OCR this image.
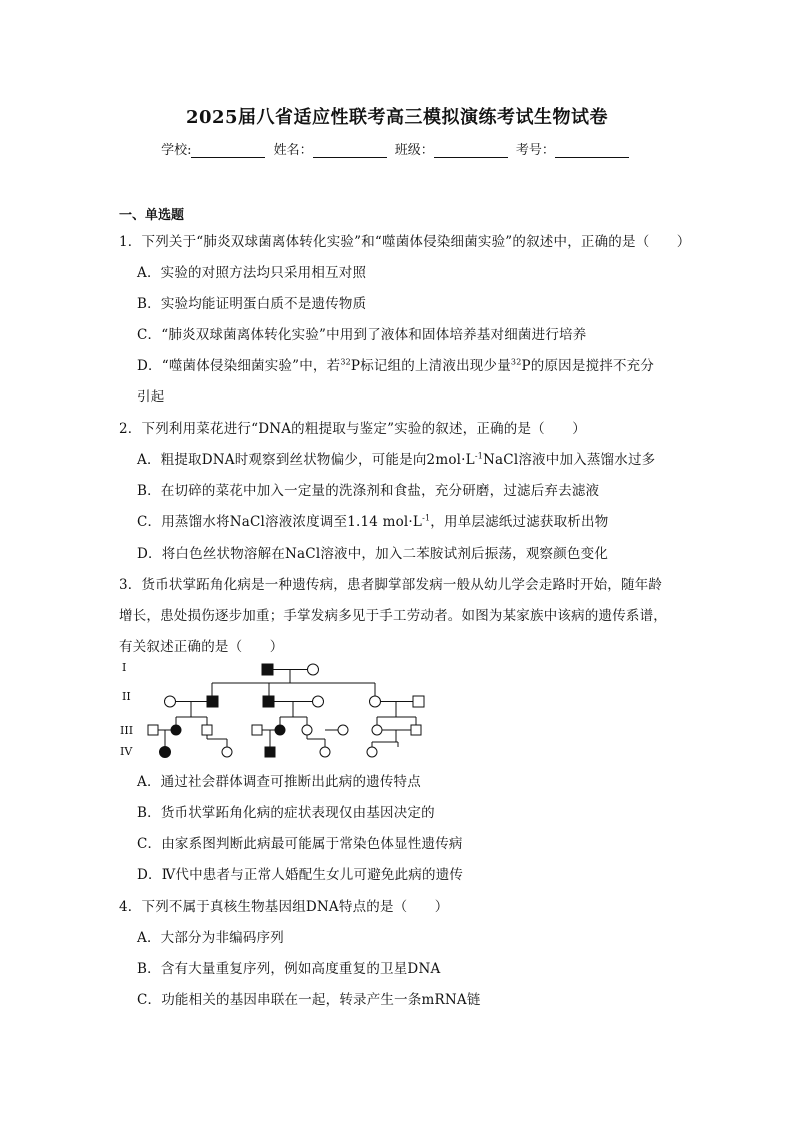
2025届八省适应性联考高三模拟演练考试生物试卷
学校:	姓名：	班级：	考号：
一、单选题
1．下列关于“肺炎双球菌离体转化实验”和“噬菌体侵染细菌实验”的叙述中，正确的是（　　）
A．实验的对照方法均只采用相互对照
B．实验均能证明蛋白质不是遗传物质
C．“肺炎双球菌离体转化实验”中用到了液体和固体培养基对细菌进行培养
D．“噬菌体侵染细菌实验”中，若$^{32}$P标记组的上清液出现少量$^{32}$P的原因是搅拌不充分
引起
2．下列利用菜花进行“DNA的粗提取与鉴定”实验的叙述，正确的是（　　）
A．粗提取DNA时观察到丝状物偏少，可能是向$2mol\cdot L^{-1}NaCl$溶液中加入蒸馏水过多
B．在切碎的菜花中加入一定量的洗涤剂和食盐，充分研磨，过滤后弃去滤液
C．用蒸馏水将NaCl溶液浓度调至1.14 $mol\cdot L^{-1}$，用单层滤纸过滤获取析出物
D．将白色丝状物溶解在NaCl溶液中，加入二苯胺试剂后振荡，观察颜色变化
3．货币状掌跖角化病是一种遗传病，患者脚掌部发病一般从幼儿学会走路时开始，随年龄
增长，患处损伤逐步加重；手掌发病多见于手工劳动者。如图为某家族中该病的遗传系谱，
有关叙述正确的是（　　）
I
II
III
IV
A．通过社会群体调查可推断出此病的遗传特点
B．货币状掌跖角化病的症状表现仅由基因决定的
C．由家系图判断此病最可能属于常染色体显性遗传病
D．Ⅳ代中患者与正常人婚配生女儿可避免此病的遗传
4．下列不属于真核生物基因组DNA特点的是（　　）
A．大部分为非编码序列
B．含有大量重复序列，例如高度重复的卫星DNA
C．功能相关的基因串联在一起，转录产生一条mRNA链
